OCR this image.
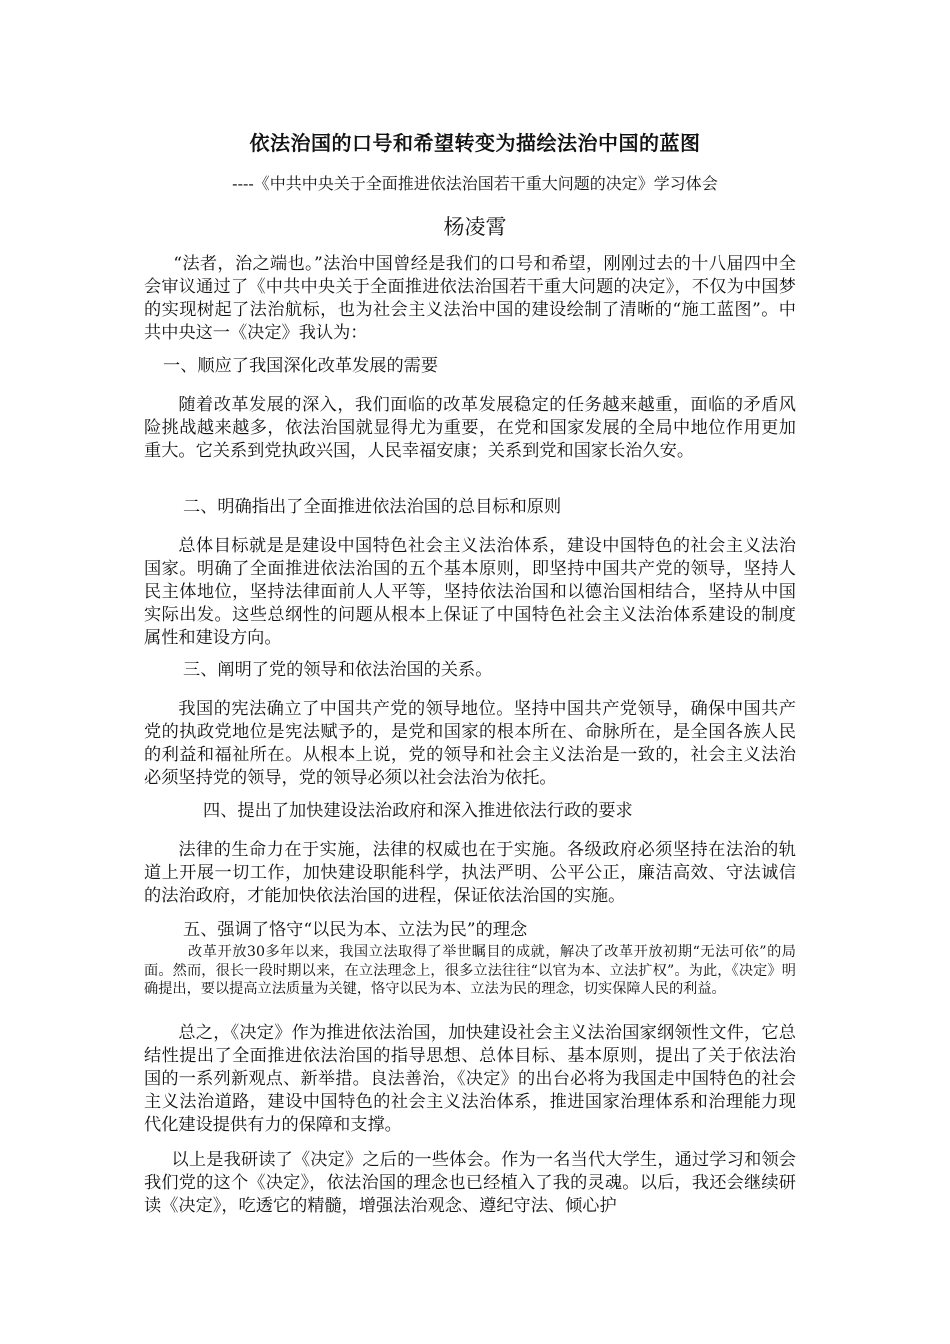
依法治国的口号和希望转变为描绘法治中国的蓝图
----《中共中央关于全面推进依法治国若干重大问题的决定》学习体会
杨凌霄

“法者，治之端也。”法治中国曾经是我们的口号和希望，刚刚过去的十八届四中全会审议通过了《中共中央关于全面推进依法治国若干重大问题的决定》，不仅为中国梦的实现树起了法治航标，也为社会主义法治中国的建设绘制了清晰的“施工蓝图”。中共中央这一《决定》我认为：

一、顺应了我国深化改革发展的需要

随着改革发展的深入，我们面临的改革发展稳定的任务越来越重，面临的矛盾风险挑战越来越多，依法治国就显得尤为重要，在党和国家发展的全局中地位作用更加重大。它关系到党执政兴国，人民幸福安康；关系到党和国家长治久安。

二、明确指出了全面推进依法治国的总目标和原则

总体目标就是是建设中国特色社会主义法治体系，建设中国特色的社会主义法治国家。明确了全面推进依法治国的五个基本原则，即坚持中国共产党的领导，坚持人民主体地位，坚持法律面前人人平等，坚持依法治国和以德治国相结合，坚持从中国实际出发。这些总纲性的问题从根本上保证了中国特色社会主义法治体系建设的制度属性和建设方向。

三、阐明了党的领导和依法治国的关系。

我国的宪法确立了中国共产党的领导地位。坚持中国共产党领导，确保中国共产党的执政党地位是宪法赋予的，是党和国家的根本所在、命脉所在，是全国各族人民的利益和福祉所在。从根本上说，党的领导和社会主义法治是一致的，社会主义法治必须坚持党的领导，党的领导必须以社会法治为依托。

四、提出了加快建设法治政府和深入推进依法行政的要求

法律的生命力在于实施，法律的权威也在于实施。各级政府必须坚持在法治的轨道上开展一切工作，加快建设职能科学，执法严明、公平公正，廉洁高效、守法诚信的法治政府，才能加快依法治国的进程，保证依法治国的实施。

五、强调了恪守“以民为本、立法为民”的理念

改革开放30多年以来，我国立法取得了举世瞩目的成就，解决了改革开放初期“无法可依”的局面。然而，很长一段时期以来，在立法理念上，很多立法往往“以官为本、立法扩权”。为此，《决定》明确提出，要以提高立法质量为关键，恪守以民为本、立法为民的理念，切实保障人民的利益。

总之，《决定》作为推进依法治国，加快建设社会主义法治国家纲领性文件，它总结性提出了全面推进依法治国的指导思想、总体目标、基本原则，提出了关于依法治国的一系列新观点、新举措。良法善治，《决定》的出台必将为我国走中国特色的社会主义法治道路，建设中国特色的社会主义法治体系，推进国家治理体系和治理能力现代化建设提供有力的保障和支撑。

以上是我研读了《决定》之后的一些体会。作为一名当代大学生，通过学习和领会我们党的这个《决定》，依法治国的理念也已经植入了我的灵魂。以后，我还会继续研读《决定》，吃透它的精髓，增强法治观念、遵纪守法、倾心护
